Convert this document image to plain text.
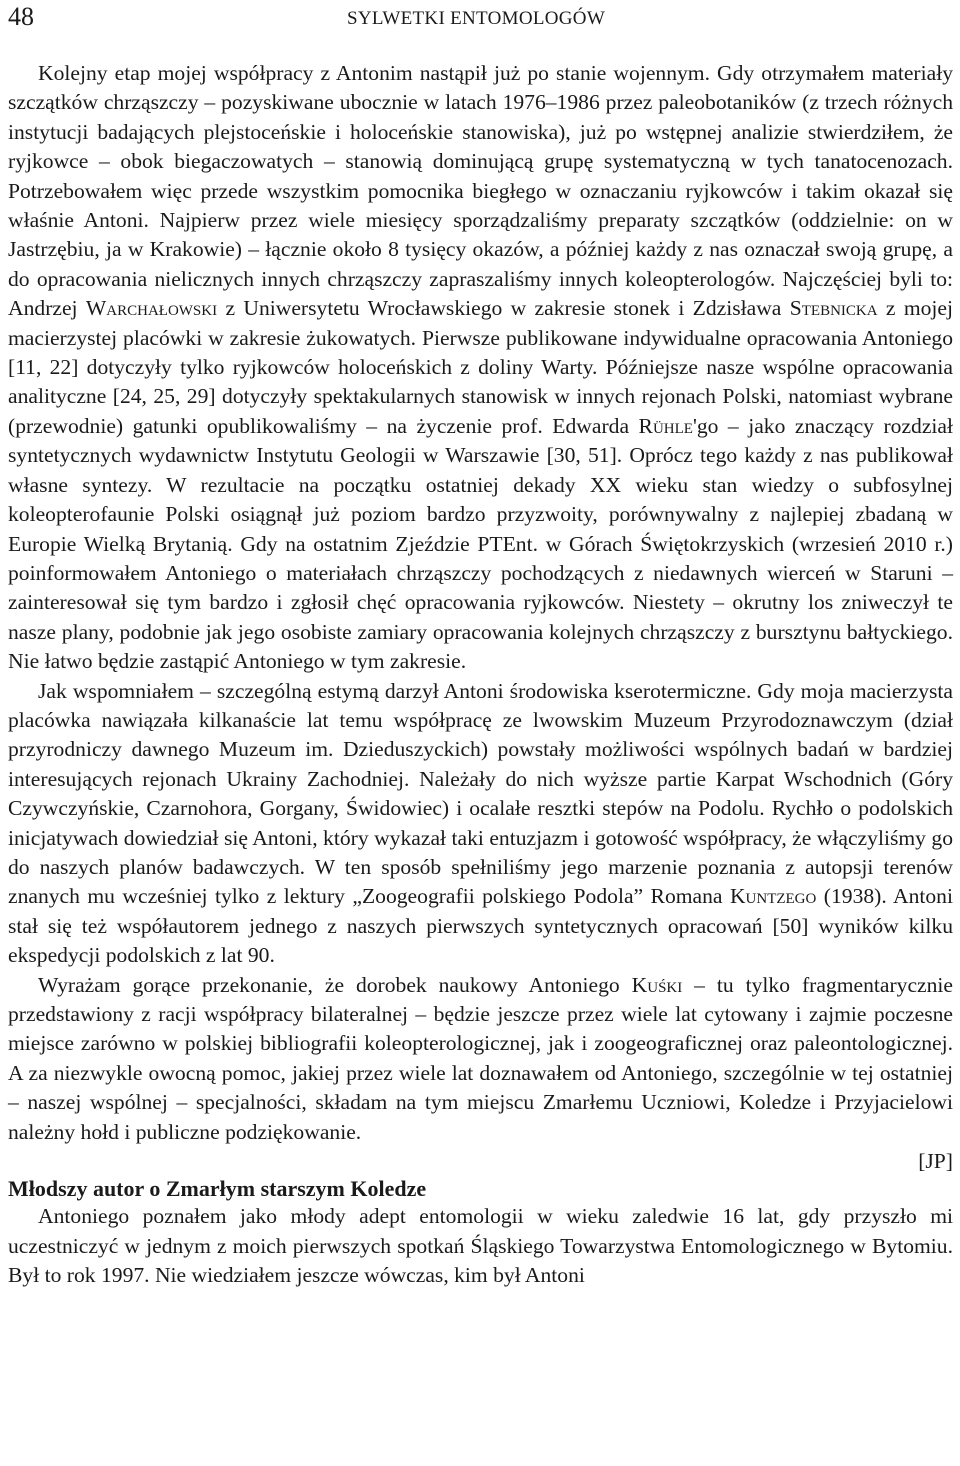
48	SYLWETKI ENTOMOLOGÓW

Kolejny etap mojej współpracy z Antonim nastąpił już po stanie wojennym. Gdy otrzymałem materiały szczątków chrząszczy – pozyskiwane ubocznie w latach 1976–1986 przez paleobotaników (z trzech różnych instytucji badających plejstoceńskie i holoceńskie stanowiska), już po wstępnej analizie stwierdziłem, że ryjkowce – obok biegaczowatych – stanowią dominującą grupę systematyczną w tych tanatocenozach. Potrzebowałem więc przede wszystkim pomocnika biegłego w oznaczaniu ryjkowców i takim okazał się właśnie Antoni. Najpierw przez wiele miesięcy sporządzaliśmy preparaty szczątków (oddzielnie: on w Jastrzębiu, ja w Krakowie) – łącznie około 8 tysięcy okazów, a później każdy z nas oznaczał swoją grupę, a do opracowania nielicznych innych chrząszczy zapraszaliśmy innych koleopterologów. Najczęściej byli to: Andrzej Warchałowski z Uniwersytetu Wrocławskiego w zakresie stonek i Zdzisława Stebnicka z mojej macierzystej placówki w zakresie żukowatych. Pierwsze publikowane indywidualne opracowania Antoniego [11, 22] dotyczyły tylko ryjkowców holoceńskich z doliny Warty. Późniejsze nasze wspólne opracowania analityczne [24, 25, 29] dotyczyły spektakularnych stanowisk w innych rejonach Polski, natomiast wybrane (przewodnie) gatunki opublikowaliśmy – na życzenie prof. Edwarda Rühle'go – jako znaczący rozdział syntetycznych wydawnictw Instytutu Geologii w Warszawie [30, 51]. Oprócz tego każdy z nas publikował własne syntezy. W rezultacie na początku ostatniej dekady XX wieku stan wiedzy o subfosylnej koleopterofaunie Polski osiągnął już poziom bardzo przyzwoity, porównywalny z najlepiej zbadaną w Europie Wielką Brytanią. Gdy na ostatnim Zjeździe PTEnt. w Górach Świętokrzyskich (wrzesień 2010 r.) poinformowałem Antoniego o materiałach chrząszczy pochodzących z niedawnych wierceń w Staruni – zainteresował się tym bardzo i zgłosił chęć opracowania ryjkowców. Niestety – okrutny los zniweczył te nasze plany, podobnie jak jego osobiste zamiary opracowania kolejnych chrząszczy z bursztynu bałtyckiego. Nie łatwo będzie zastąpić Antoniego w tym zakresie.

Jak wspomniałem – szczególną estymą darzył Antoni środowiska kserotermiczne. Gdy moja macierzysta placówka nawiązała kilkanaście lat temu współpracę ze lwowskim Muzeum Przyrodoznawczym (dział przyrodniczy dawnego Muzeum im. Dzieduszyckich) powstały możliwości wspólnych badań w bardziej interesujących rejonach Ukrainy Zachodniej. Należały do nich wyższe partie Karpat Wschodnich (Góry Czywczyńskie, Czarnohora, Gorgany, Świdowiec) i ocalałe resztki stepów na Podolu. Rychło o podolskich inicjatywach dowiedział się Antoni, który wykazał taki entuzjazm i gotowość współpracy, że włączyliśmy go do naszych planów badawczych. W ten sposób spełniliśmy jego marzenie poznania z autopsji terenów znanych mu wcześniej tylko z lektury „Zoogeografii polskiego Podola” Romana Kuntzego (1938). Antoni stał się też współautorem jednego z naszych pierwszych syntetycznych opracowań [50] wyników kilku ekspedycji podolskich z lat 90.

Wyrażam gorące przekonanie, że dorobek naukowy Antoniego Kuśki – tu tylko fragmentarycznie przedstawiony z racji współpracy bilateralnej – będzie jeszcze przez wiele lat cytowany i zajmie poczesne miejsce zarówno w polskiej bibliografii koleopterologicznej, jak i zoogeograficznej oraz paleontologicznej. A za niezwykle owocną pomoc, jakiej przez wiele lat doznawałem od Antoniego, szczególnie w tej ostatniej – naszej wspólnej – specjalności, składam na tym miejscu Zmarłemu Uczniowi, Koledze i Przyjacielowi należny hołd i publiczne podziękowanie.

[JP]

Młodszy autor o Zmarłym starszym Koledze

Antoniego poznałem jako młody adept entomologii w wieku zaledwie 16 lat, gdy przyszło mi uczestniczyć w jednym z moich pierwszych spotkań Śląskiego Towarzystwa Entomologicznego w Bytomiu. Był to rok 1997. Nie wiedziałem jeszcze wówczas, kim był Antoni
